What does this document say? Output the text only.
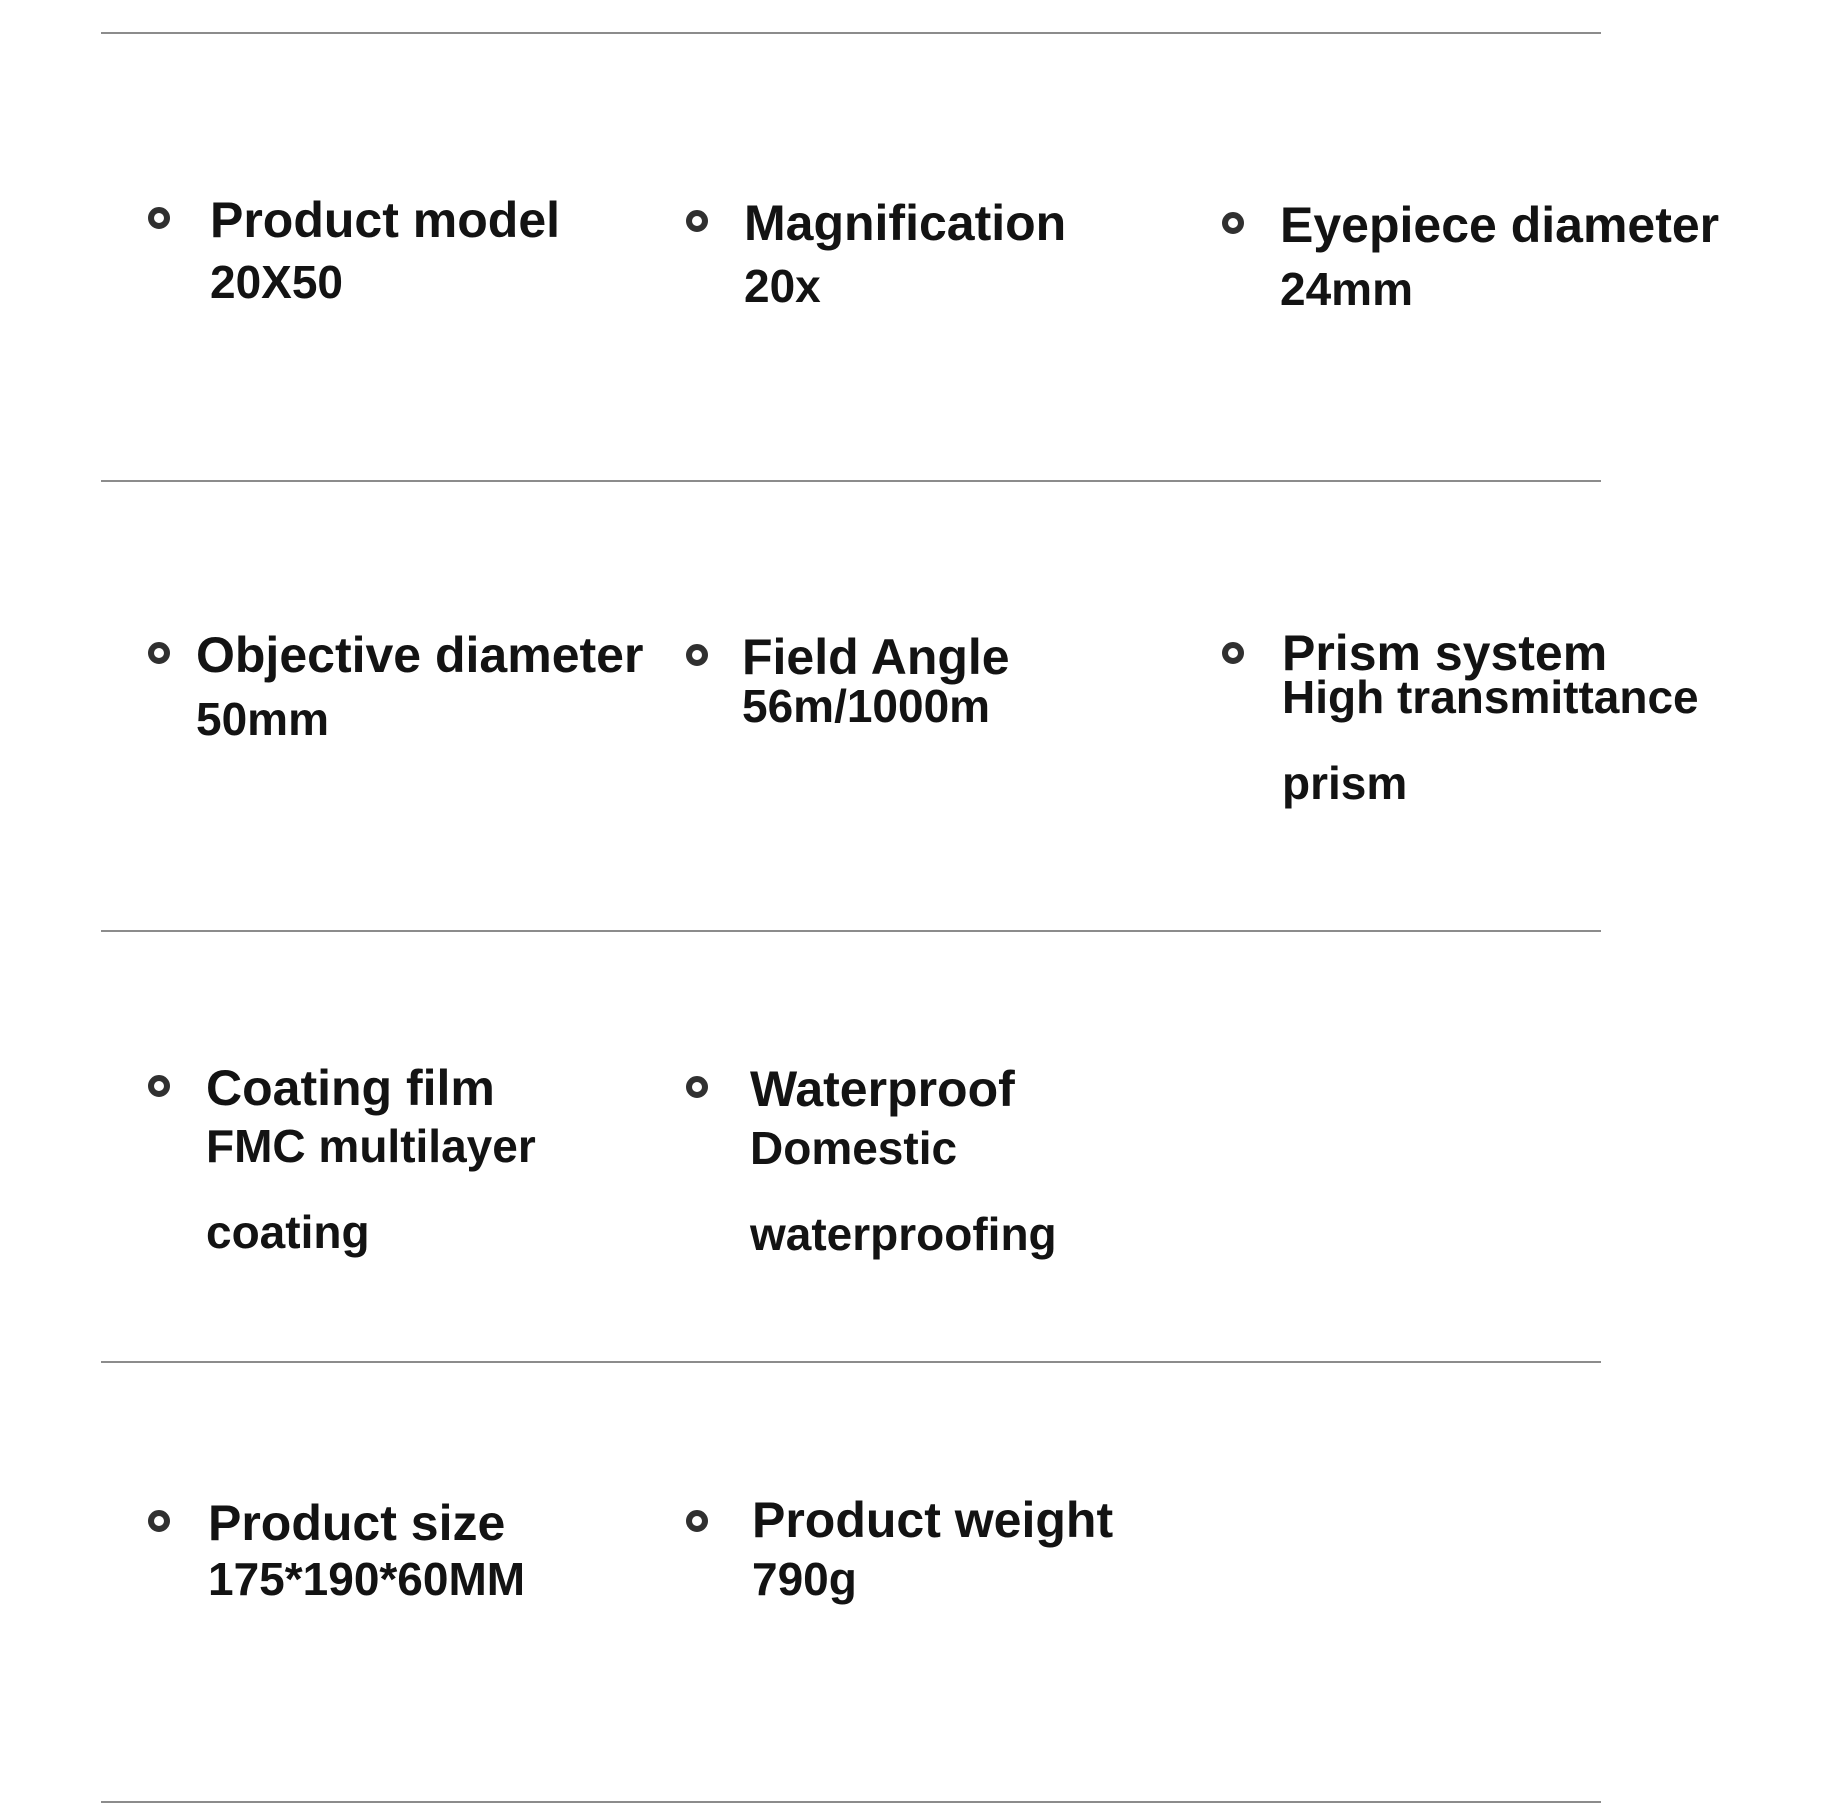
Product model
20X50
Magnification
20x
Eyepiece diameter
24mm
Objective diameter
50mm
Field Angle
56m/1000m
Prism system
High transmittance
prism
Coating film
FMC multilayer
coating
Waterproof
Domestic waterproofing
Product size
175*190*60MM
Product weight
790g
